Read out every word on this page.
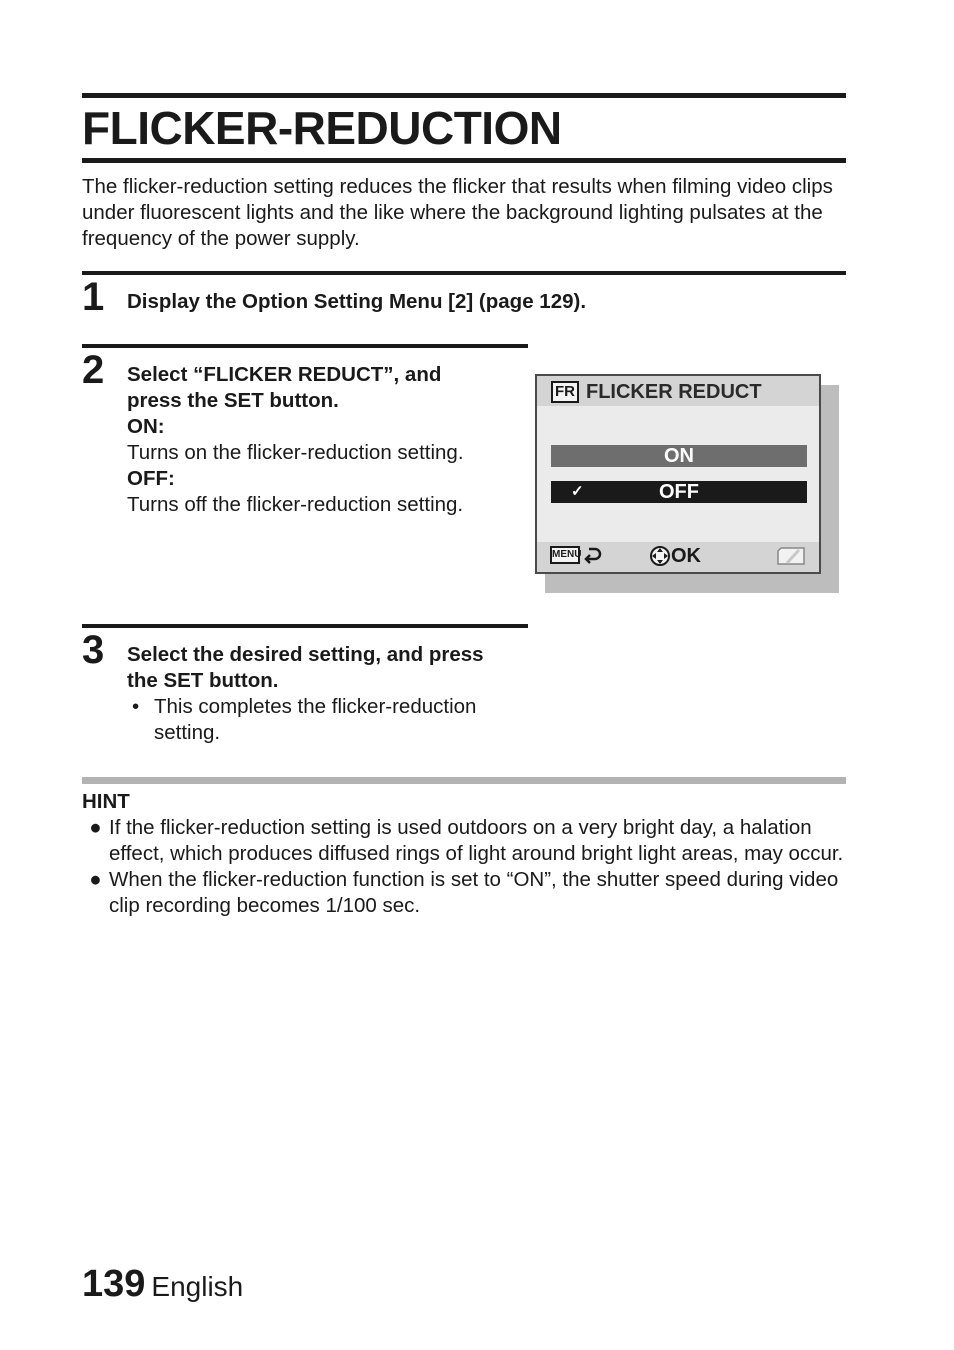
FLICKER-REDUCTION

The flicker-reduction setting reduces the flicker that results when filming video clips under fluorescent lights and the like where the background lighting pulsates at the frequency of the power supply.

1 Display the Option Setting Menu [2] (page 129).
2 Select “FLICKER REDUCT”, and
press the SET button.
ON:
Turns on the flicker-reduction setting.
OFF:
Turns off the flicker-reduction setting.
FR FLICKER REDUCT
ON
✓	OFF
MENU	OK
3 Select the desired setting, and press
the SET button.
• This completes the flicker-reduction
setting.
HINT
● If the flicker-reduction setting is used outdoors on a very bright day, a halation effect, which produces diffused rings of light around bright light areas, may occur.
● When the flicker-reduction function is set to “ON”, the shutter speed during video clip recording becomes 1/100 sec.
139 English
